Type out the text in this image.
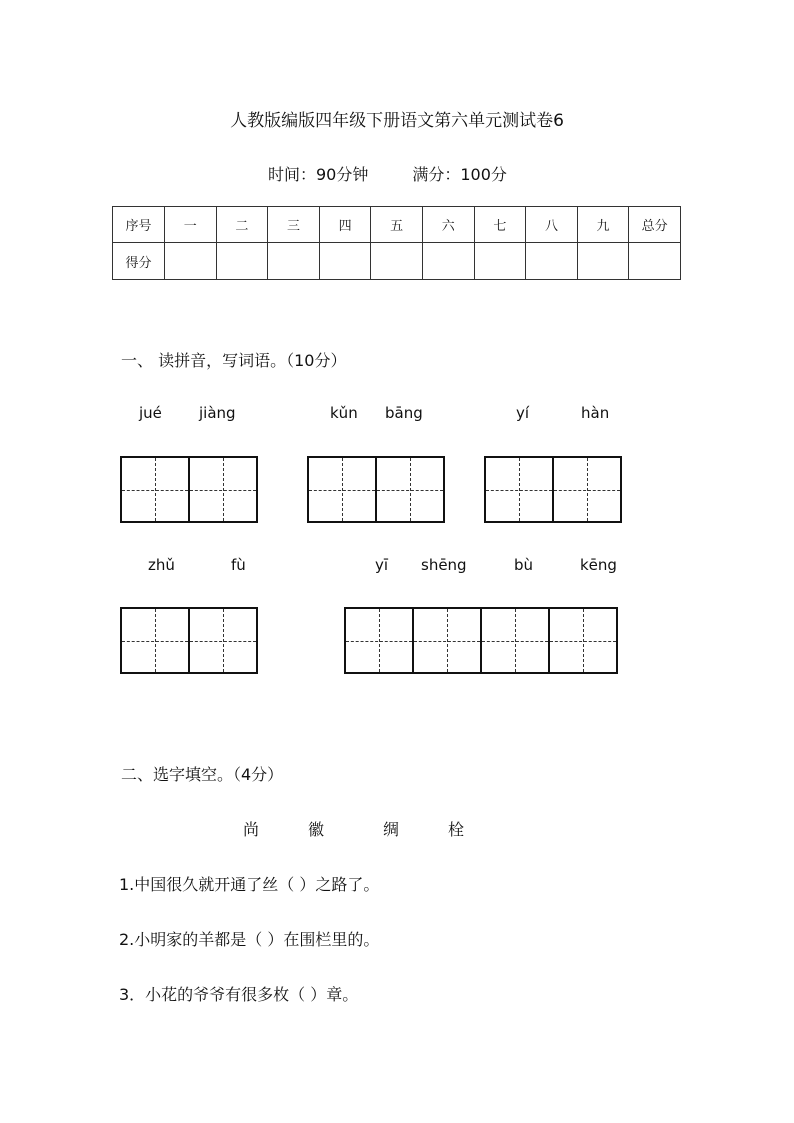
人教版编版四年级下册语文第六单元测试卷6
时间：90分钟	满分：100分
序号	一	二	三	四	五	六	七	八	九	总分
得分										
一、 读拼音，写词语。（10分）
jué jiàng	kǔn bāng	yí	hàn
zhǔ	fù	yī shēng	bù	kēng
二、选字填空。（4分）
尚	徽	绸	栓
1.中国很久就开通了丝（ ）之路了。
2.小明家的羊都是（ ）在围栏里的。
3．小花的爷爷有很多枚（ ）章。
